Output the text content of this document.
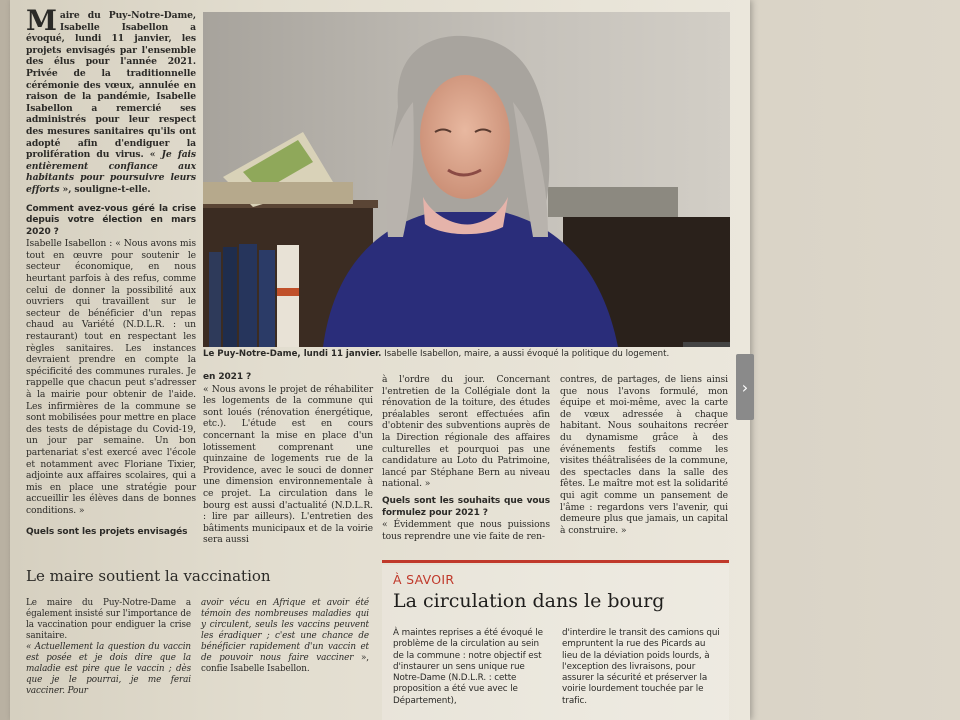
Maire du Puy-Notre-Dame, Isabelle Isabellon a évoqué, lundi 11 janvier, les projets envisagés par l'ensemble des élus pour l'année 2021. Privée de la traditionnelle cérémonie des vœux, annulée en raison de la pandémie, Isabelle Isabellon a remercié ses administrés pour leur respect des mesures sanitaires qu'ils ont adopté afin d'endiguer la prolifération du virus. « Je fais entièrement confiance aux habitants pour poursuivre leurs efforts », souligne-t-elle.

Comment avez-vous géré la crise depuis votre élection en mars 2020 ?

Isabelle Isabellon : « Nous avons mis tout en œuvre pour soutenir le secteur économique, en nous heurtant parfois à des refus, comme celui de donner la possibilité aux ouvriers qui travaillent sur le secteur de bénéficier d'un repas chaud au Variété (N.D.L.R. : un restaurant) tout en respectant les règles sanitaires. Les instances devraient prendre en compte la spécificité des communes rurales. Je rappelle que chacun peut s'adresser à la mairie pour obtenir de l'aide. Les infirmières de la commune se sont mobilisées pour mettre en place des tests de dépistage du Covid-19, un jour par semaine. Un bon partenariat s'est exercé avec l'école et notamment avec Floriane Tixier, adjointe aux affaires scolaires, qui a mis en place une stratégie pour accueillir les élèves dans de bonnes conditions. »

Quels sont les projets envisagés

Le Puy-Notre-Dame, lundi 11 janvier. Isabelle Isabellon, maire, a aussi évoqué la politique du logement.

en 2021 ?

« Nous avons le projet de réhabiliter les logements de la commune qui sont loués (rénovation énergétique, etc.). L'étude est en cours concernant la mise en place d'un lotissement comprenant une quinzaine de logements rue de la Providence, avec le souci de donner une dimension environnementale à ce projet. La circulation dans le bourg est aussi d'actualité (N.D.L.R. : lire par ailleurs). L'entretien des bâtiments municipaux et de la voirie sera aussi

à l'ordre du jour. Concernant l'entretien de la Collégiale dont la rénovation de la toiture, des études préalables seront effectuées afin d'obtenir des subventions auprès de la Direction régionale des affaires culturelles et pourquoi pas une candidature au Loto du Patrimoine, lancé par Stéphane Bern au niveau national. »

Quels sont les souhaits que vous formulez pour 2021 ?

« Évidemment que nous puissions tous reprendre une vie faite de ren-

contres, de partages, de liens ainsi que nous l'avons formulé, mon équipe et moi-même, avec la carte de vœux adressée à chaque habitant. Nous souhaitons recréer du dynamisme grâce à des événements festifs comme les visites théâtralisées de la commune, des spectacles dans la salle des fêtes. Le maître mot est la solidarité qui agit comme un pansement de l'âme : regardons vers l'avenir, qui demeure plus que jamais, un capital à construire. »

Le maire soutient la vaccination

Le maire du Puy-Notre-Dame a également insisté sur l'importance de la vaccination pour endiguer la crise sanitaire.

« Actuellement la question du vaccin est posée et je dois dire que la maladie est pire que le vaccin ; dès que je le pourrai, je me ferai vacciner. Pour

avoir vécu en Afrique et avoir été témoin des nombreuses maladies qui y circulent, seuls les vaccins peuvent les éradiquer ; c'est une chance de bénéficier rapidement d'un vaccin et de pouvoir nous faire vacciner », confie Isabelle Isabellon.

À SAVOIR
La circulation dans le bourg

À maintes reprises a été évoqué le problème de la circulation au sein de la commune : notre objectif est d'instaurer un sens unique rue Notre-Dame (N.D.L.R. : cette proposition a été vue avec le Département),

d'interdire le transit des camions qui empruntent la rue des Picards au lieu de la déviation poids lourds, à l'exception des livraisons, pour assurer la sécurité et préserver la voirie lourdement touchée par le trafic.

›
